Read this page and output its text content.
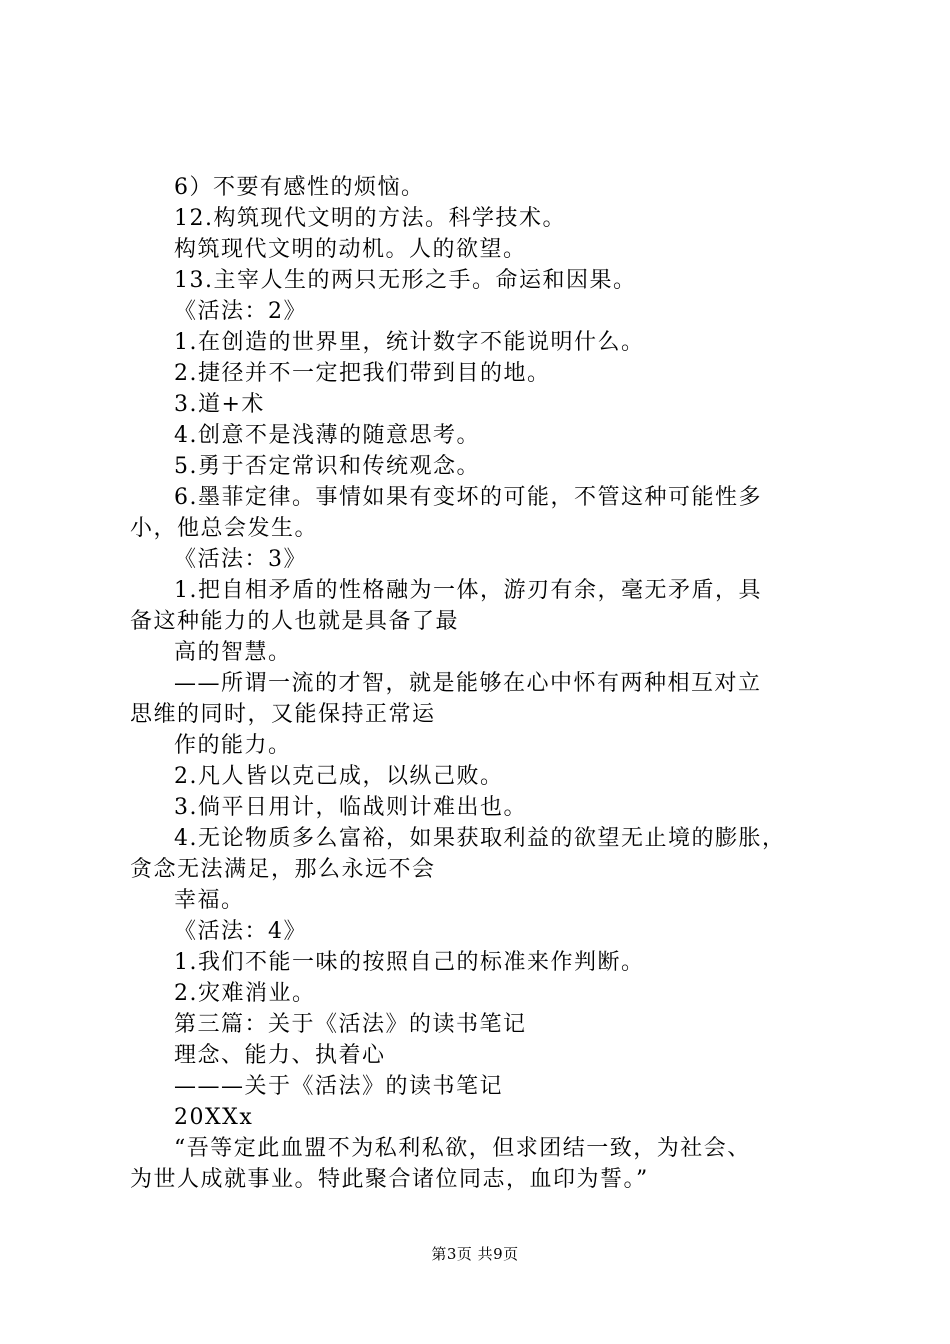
6）不要有感性的烦恼。
12.构筑现代文明的方法。科学技术。
构筑现代文明的动机。人的欲望。
13.主宰人生的两只无形之手。命运和因果。
《活法：2》
1.在创造的世界里，统计数字不能说明什么。
2.捷径并不一定把我们带到目的地。
3.道+术
4.创意不是浅薄的随意思考。
5.勇于否定常识和传统观念。
6.墨菲定律。事情如果有变坏的可能，不管这种可能性多
小，他总会发生。
《活法：3》
1.把自相矛盾的性格融为一体，游刃有余，毫无矛盾，具
备这种能力的人也就是具备了最
高的智慧。
——所谓一流的才智，就是能够在心中怀有两种相互对立
思维的同时，又能保持正常运
作的能力。
2.凡人皆以克己成，以纵己败。
3.倘平日用计，临战则计难出也。
4.无论物质多么富裕，如果获取利益的欲望无止境的膨胀，
贪念无法满足，那么永远不会
幸福。
《活法：4》
1.我们不能一味的按照自己的标准来作判断。
2.灾难消业。
第三篇：关于《活法》的读书笔记
理念、能力、执着心
———关于《活法》的读书笔记
20XXx
“吾等定此血盟不为私利私欲，但求团结一致，为社会、
为世人成就事业。特此聚合诸位同志，血印为誓。”
第3页 共9页
